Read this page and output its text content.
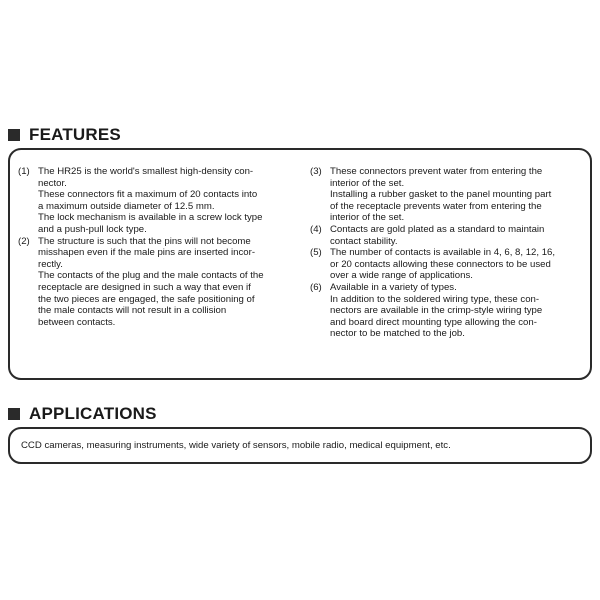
FEATURES
(1) The HR25 is the world's smallest high-density con-
nector.
These connectors fit a maximum of 20 contacts into
a maximum outside diameter of 12.5 mm.
The lock mechanism is available in a screw lock type
and a push-pull lock type.
(2) The structure is such that the pins will not become
misshapen even if the male pins are inserted incor-
rectly.
The contacts of the plug and the male contacts of the
receptacle are designed in such a way that even if
the two pieces are engaged, the safe positioning of
the male contacts will not result in a collision
between contacts.
(3) These connectors prevent water from entering the
interior of the set.
Installing a rubber gasket to the panel mounting part
of the receptacle prevents water from entering the
interior of the set.
(4) Contacts are gold plated as a standard to maintain
contact stability.
(5) The number of contacts is available in 4, 6, 8, 12, 16,
or 20 contacts allowing these connectors to be used
over a wide range of applications.
(6) Available in a variety of types.
In addition to the soldered wiring type, these con-
nectors are available in the crimp-style wiring type
and board direct mounting type allowing the con-
nector to be matched to the job.
APPLICATIONS
CCD cameras, measuring instruments, wide variety of sensors, mobile radio, medical equipment, etc.
